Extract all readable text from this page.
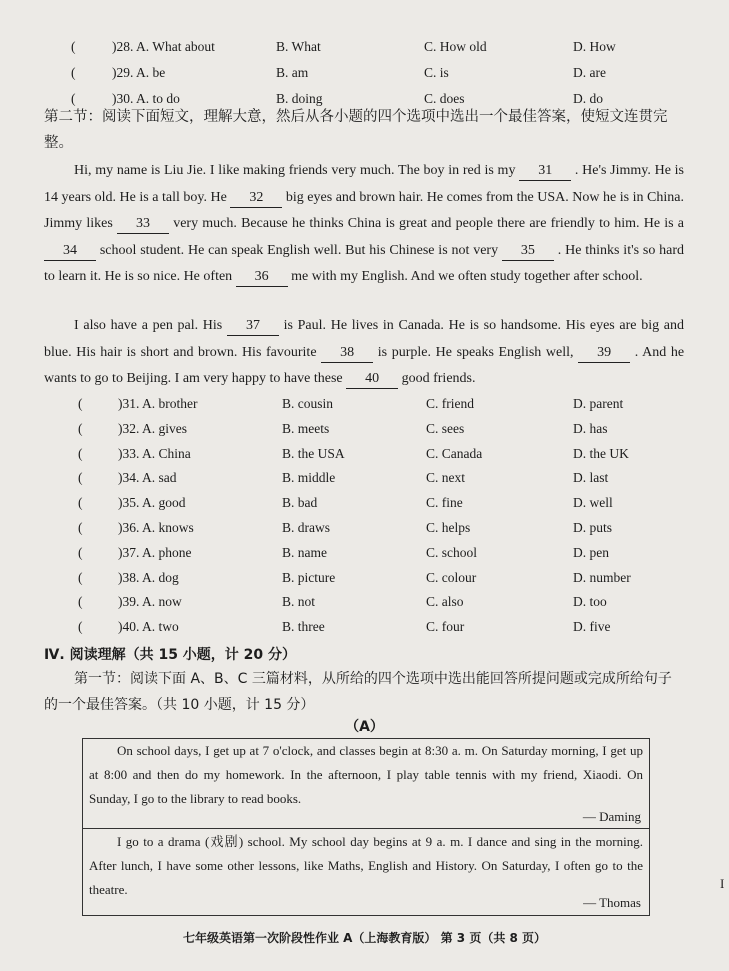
(	)28. A. What about	B. What	C. How old	D. How
(	)29. A. be	B. am	C. is	D. are
(	)30. A. to do	B. doing	C. does	D. do
第二节：阅读下面短文，理解大意，然后从各小题的四个选项中选出一个最佳答案，使短文连贯完整。
Hi, my name is Liu Jie. I like making friends very much. The boy in red is my 31 . He's Jimmy. He is 14 years old. He is a tall boy. He 32 big eyes and brown hair. He comes from the USA. Now he is in China. Jimmy likes 33 very much. Because he thinks China is great and people there are friendly to him. He is a 34 school student. He can speak English well. But his Chinese is not very 35 . He thinks it's so hard to learn it. He is so nice. He often 36 me with my English. And we often study together after school.
I also have a pen pal. His 37 is Paul. He lives in Canada. He is so handsome. His eyes are big and blue. His hair is short and brown. His favourite 38 is purple. He speaks English well, 39 . And he wants to go to Beijing. I am very happy to have these 40 good friends.
(	)31. A. brother	B. cousin	C. friend	D. parent
(	)32. A. gives	B. meets	C. sees	D. has
(	)33. A. China	B. the USA	C. Canada	D. the UK
(	)34. A. sad	B. middle	C. next	D. last
(	)35. A. good	B. bad	C. fine	D. well
(	)36. A. knows	B. draws	C. helps	D. puts
(	)37. A. phone	B. name	C. school	D. pen
(	)38. A. dog	B. picture	C. colour	D. number
(	)39. A. now	B. not	C. also	D. too
(	)40. A. two	B. three	C. four	D. five
Ⅳ. 阅读理解（共 15 小题，计 20 分）
第一节：阅读下面 A、B、C 三篇材料，从所给的四个选项中选出能回答所提问题或完成所给句子的一个最佳答案。（共 10 小题，计 15 分）
（A）
On school days, I get up at 7 o'clock, and classes begin at 8:30 a. m. On Saturday morning, I get up at 8:00 and then do my homework. In the afternoon, I play table tennis with my friend, Xiaodi. On Sunday, I go to the library to read books.
— Daming
I go to a drama (戏剧) school. My school day begins at 9 a. m. I dance and sing in the morning. After lunch, I have some other lessons, like Maths, English and History. On Saturday, I often go to the theatre.
— Thomas
I
七年级英语第一次阶段性作业 A（上海教育版） 第 3 页（共 8 页）
